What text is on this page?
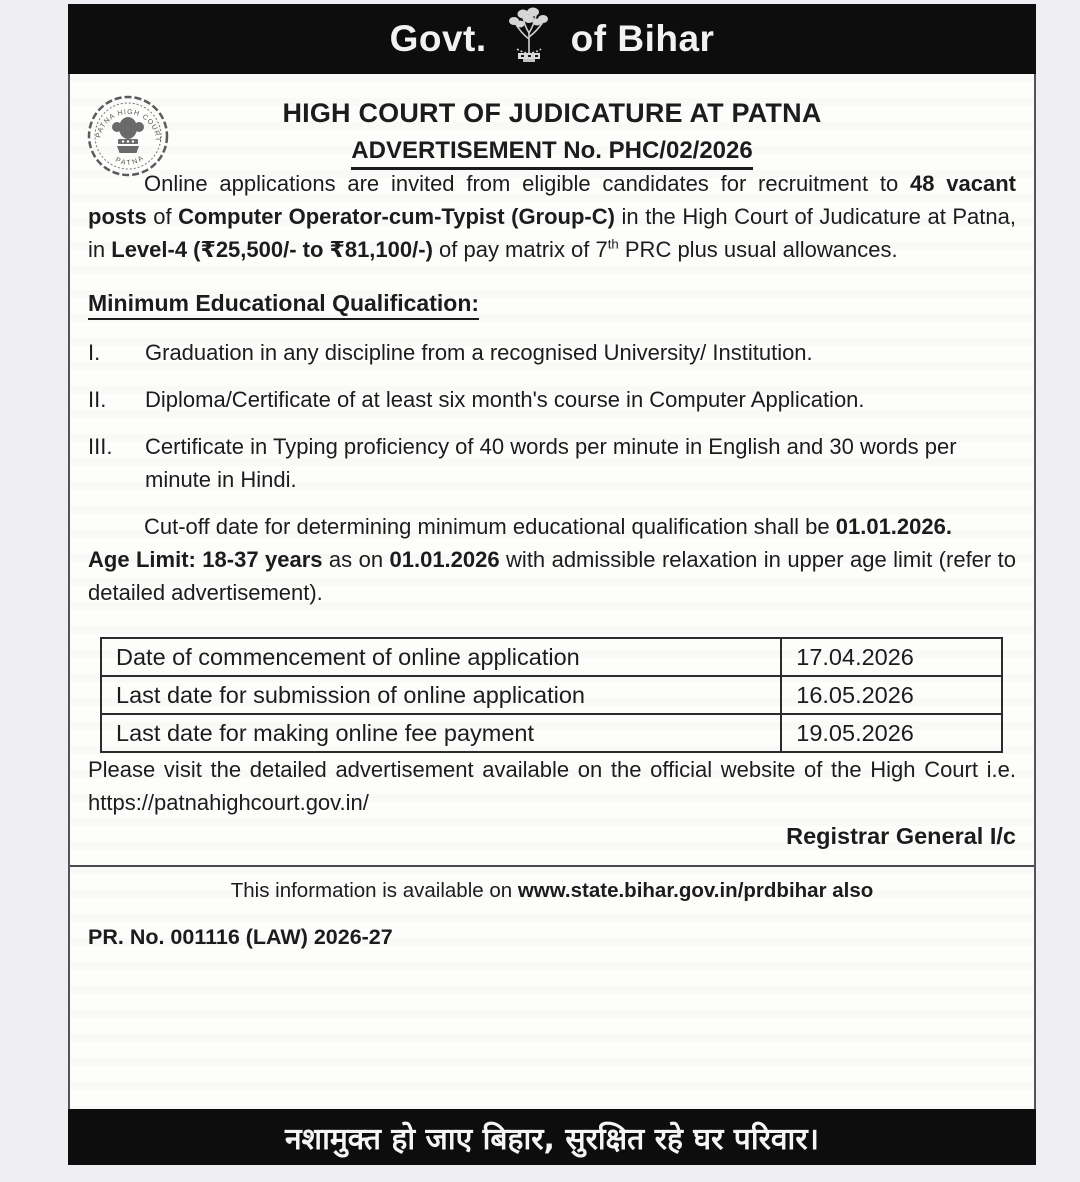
Govt. of Bihar
PATNA HIGH COURT
PATNA
HIGH COURT OF JUDICATURE AT PATNA
ADVERTISEMENT No. PHC/02/2026

Online applications are invited from eligible candidates for recruitment to 48 vacant posts of Computer Operator-cum-Typist (Group-C) in the High Court of Judicature at Patna, in Level-4 (₹25,500/- to ₹81,100/-) of pay matrix of 7th PRC plus usual allowances.

Minimum Educational Qualification:
I.	Graduation in any discipline from a recognised University/ Institution.
II.	Diploma/Certificate of at least six month's course in Computer Application.
III.	Certificate in Typing proficiency of 40 words per minute in English and 30 words per minute in Hindi.

Cut-off date for determining minimum educational qualification shall be 01.01.2026.

Age Limit: 18-37 years as on 01.01.2026 with admissible relaxation in upper age limit (refer to detailed advertisement).

Date of commencement of online application	17.04.2026
Last date for submission of online application	16.05.2026
Last date for making online fee payment	19.05.2026

Please visit the detailed advertisement available on the official website of the High Court i.e. https://patnahighcourt.gov.in/

Registrar General I/c
This information is available on www.state.bihar.gov.in/prdbihar also
PR. No. 001116 (LAW) 2026-27
नशामुक्त हो जाए बिहार, सुरक्षित रहे घर परिवार।
